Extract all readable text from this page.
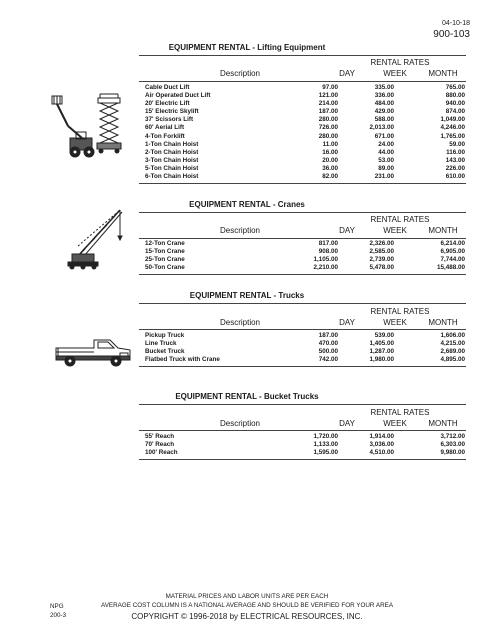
04-10-18
900-103
EQUIPMENT RENTAL - Lifting Equipment
RENTAL RATES
Description	DAY	WEEK	MONTH
Cable Duct Lift	97.00	335.00	765.00
Air Operated Duct Lift	121.00	336.00	880.00
20' Electric Lift	214.00	484.00	940.00
15' Electric Skylift	187.00	429.00	874.00
37' Scissors Lift	280.00	588.00	1,049.00
60' Aerial Lift	726.00	2,013.00	4,246.00
4-Ton Forklift	280.00	671.00	1,765.00
1-Ton Chain Hoist	11.00	24.00	59.00
2-Ton Chain Hoist	16.00	44.00	116.00
3-Ton Chain Hoist	20.00	53.00	143.00
5-Ton Chain Hoist	36.00	89.00	226.00
6-Ton Chain Hoist	82.00	231.00	610.00
EQUIPMENT RENTAL - Cranes
RENTAL RATES
Description	DAY	WEEK	MONTH
12-Ton Crane	817.00	2,326.00	6,214.00
15-Ton Crane	908.00	2,585.00	6,905.00
25-Ton Crane	1,105.00	2,739.00	7,744.00
50-Ton Crane	2,210.00	5,478.00	15,488.00
EQUIPMENT RENTAL - Trucks
RENTAL RATES
Description	DAY	WEEK	MONTH
Pickup Truck	187.00	539.00	1,606.00
Line Truck	470.00	1,405.00	4,215.00
Bucket Truck	500.00	1,287.00	2,689.00
Flatbed Truck with Crane	742.00	1,980.00	4,895.00
EQUIPMENT RENTAL - Bucket Trucks
RENTAL RATES
Description	DAY	WEEK	MONTH
55' Reach	1,720.00	1,914.00	3,712.00
70' Reach	1,133.00	3,036.00	6,303.00
100' Reach	1,595.00	4,510.00	9,980.00
NPG
200-3
MATERIAL PRICES AND LABOR UNITS ARE PER EACH
AVERAGE COST COLUMN IS A NATIONAL AVERAGE AND SHOULD BE VERIFIED FOR YOUR AREA
COPYRIGHT © 1996-2018 by ELECTRICAL RESOURCES, INC.
